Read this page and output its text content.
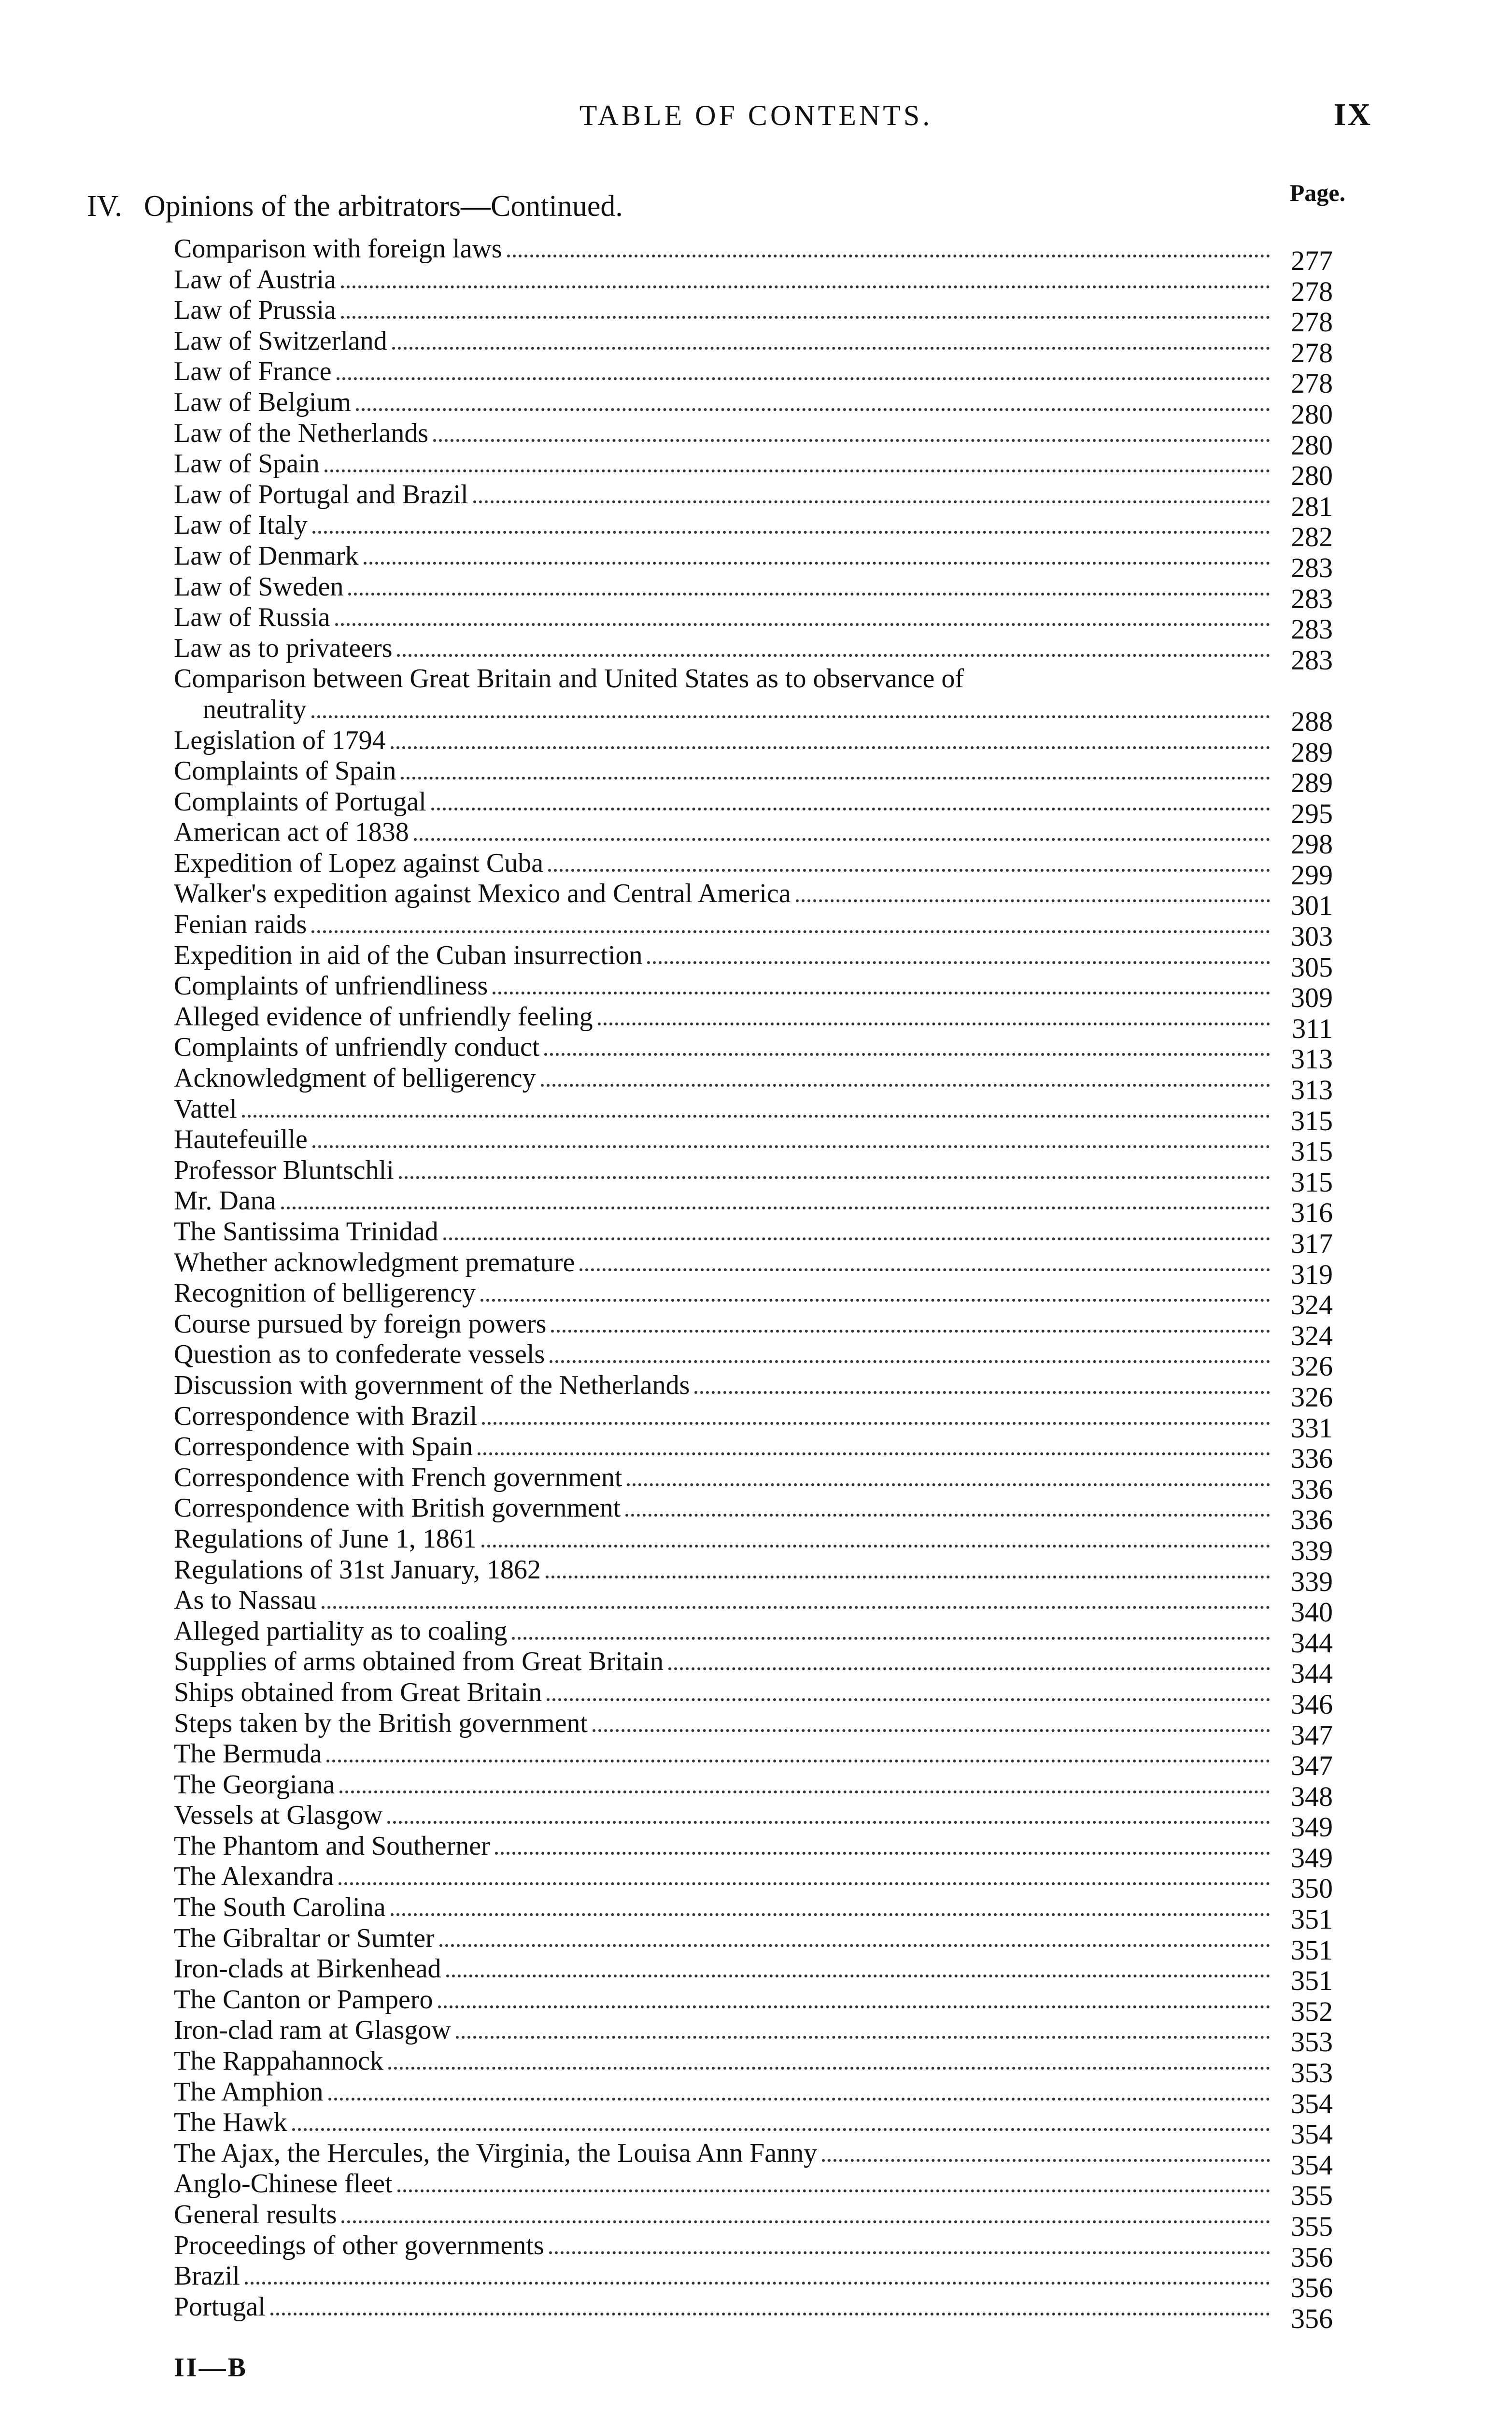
TABLE OF CONTENTS.	IX
Page.
IV. Opinions of the arbitrators—Continued.
Comparison with foreign laws	277
Law of Austria	278
Law of Prussia	278
Law of Switzerland	278
Law of France	278
Law of Belgium	280
Law of the Netherlands	280
Law of Spain	280
Law of Portugal and Brazil	281
Law of Italy	282
Law of Denmark	283
Law of Sweden	283
Law of Russia	283
Law as to privateers	283
Comparison between Great Britain and United States as to observance of
neutrality	288
Legislation of 1794	289
Complaints of Spain	289
Complaints of Portugal	295
American act of 1838	298
Expedition of Lopez against Cuba	299
Walker's expedition against Mexico and Central America	301
Fenian raids	303
Expedition in aid of the Cuban insurrection	305
Complaints of unfriendliness	309
Alleged evidence of unfriendly feeling	311
Complaints of unfriendly conduct	313
Acknowledgment of belligerency	313
Vattel	315
Hautefeuille	315
Professor Bluntschli	315
Mr. Dana	316
The Santissima Trinidad	317
Whether acknowledgment premature	319
Recognition of belligerency	324
Course pursued by foreign powers	324
Question as to confederate vessels	326
Discussion with government of the Netherlands	326
Correspondence with Brazil	331
Correspondence with Spain	336
Correspondence with French government	336
Correspondence with British government	336
Regulations of June 1, 1861	339
Regulations of 31st January, 1862	339
As to Nassau	340
Alleged partiality as to coaling	344
Supplies of arms obtained from Great Britain	344
Ships obtained from Great Britain	346
Steps taken by the British government	347
The Bermuda	347
The Georgiana	348
Vessels at Glasgow	349
The Phantom and Southerner	349
The Alexandra	350
The South Carolina	351
The Gibraltar or Sumter	351
Iron-clads at Birkenhead	351
The Canton or Pampero	352
Iron-clad ram at Glasgow	353
The Rappahannock	353
The Amphion	354
The Hawk	354
The Ajax, the Hercules, the Virginia, the Louisa Ann Fanny	354
Anglo-Chinese fleet	355
General results	355
Proceedings of other governments	356
Brazil	356
Portugal	356
II—B
